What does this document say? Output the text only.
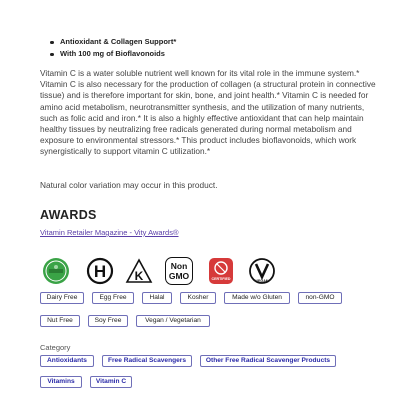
Antioxidant & Collagen Support*
With 100 mg of Bioflavonoids

Vitamin C is a water soluble nutrient well known for its vital role in the immune system.* Vitamin C is also necessary for the production of collagen (a structural protein in connective tissue) and is therefore important for skin, bone, and joint health.* Vitamin C is needed for amino acid metabolism, neurotransmitter synthesis, and the utilization of many nutrients, such as folic acid and iron.* It is also a highly effective antioxidant that can help maintain healthy tissues by neutralizing free radicals generated during normal metabolism and exposure to environmental stressors.* This product includes bioflavonoids, which work synergistically to support vitamin C utilization.*

Natural color variation may occur in this product.

AWARDS
Vitamin Retailer Magazine - Vity Awards®
H K
Non
GMO	CERTIFIED	VEGAN
Dairy Free	Egg Free	Halal	Kosher	Made w/o Gluten	non-GMO
Nut Free	Soy Free	Vegan / Vegetarian
Category
Antioxidants	Free Radical Scavengers	Other Free Radical Scavenger Products
Vitamins	Vitamin C
